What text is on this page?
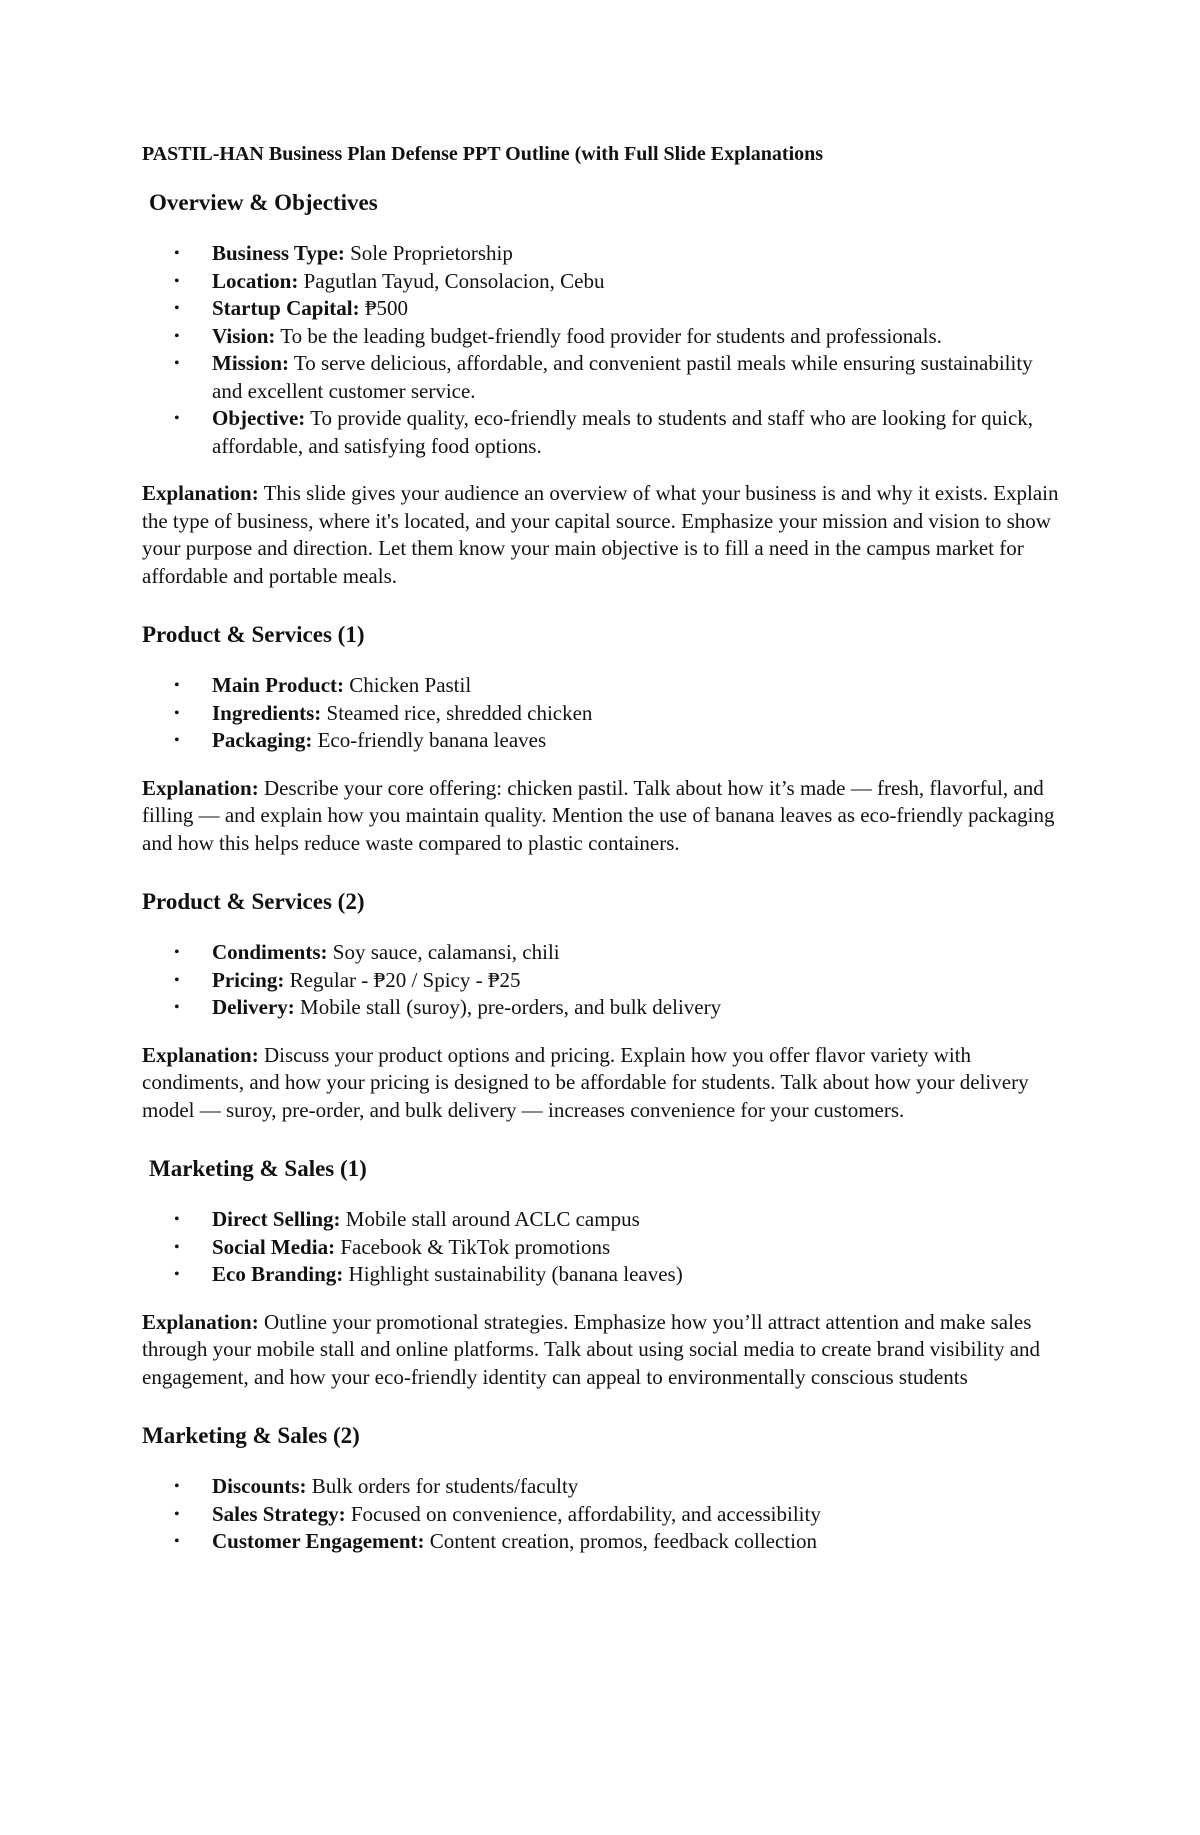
PASTIL-HAN Business Plan Defense PPT Outline (with Full Slide Explanations
Overview & Objectives
• Business Type: Sole Proprietorship
• Location: Pagutlan Tayud, Consolacion, Cebu
• Startup Capital: ₱500
• Vision: To be the leading budget-friendly food provider for students and professionals.
• Mission: To serve delicious, affordable, and convenient pastil meals while ensuring sustainability and excellent customer service.
• Objective: To provide quality, eco-friendly meals to students and staff who are looking for quick, affordable, and satisfying food options.

Explanation: This slide gives your audience an overview of what your business is and why it exists. Explain the type of business, where it's located, and your capital source. Emphasize your mission and vision to show your purpose and direction. Let them know your main objective is to fill a need in the campus market for affordable and portable meals.

Product & Services (1)
• Main Product: Chicken Pastil
• Ingredients: Steamed rice, shredded chicken
• Packaging: Eco-friendly banana leaves

Explanation: Describe your core offering: chicken pastil. Talk about how it’s made — fresh, flavorful, and filling — and explain how you maintain quality. Mention the use of banana leaves as eco-friendly packaging and how this helps reduce waste compared to plastic containers.

Product & Services (2)
• Condiments: Soy sauce, calamansi, chili
• Pricing: Regular - ₱20 / Spicy - ₱25
• Delivery: Mobile stall (suroy), pre-orders, and bulk delivery

Explanation: Discuss your product options and pricing. Explain how you offer flavor variety with condiments, and how your pricing is designed to be affordable for students. Talk about how your delivery model — suroy, pre-order, and bulk delivery — increases convenience for your customers.

Marketing & Sales (1)
• Direct Selling: Mobile stall around ACLC campus
• Social Media: Facebook & TikTok promotions
• Eco Branding: Highlight sustainability (banana leaves)

Explanation: Outline your promotional strategies. Emphasize how you’ll attract attention and make sales through your mobile stall and online platforms. Talk about using social media to create brand visibility and engagement, and how your eco-friendly identity can appeal to environmentally conscious students

Marketing & Sales (2)
• Discounts: Bulk orders for students/faculty
• Sales Strategy: Focused on convenience, affordability, and accessibility
• Customer Engagement: Content creation, promos, feedback collection
